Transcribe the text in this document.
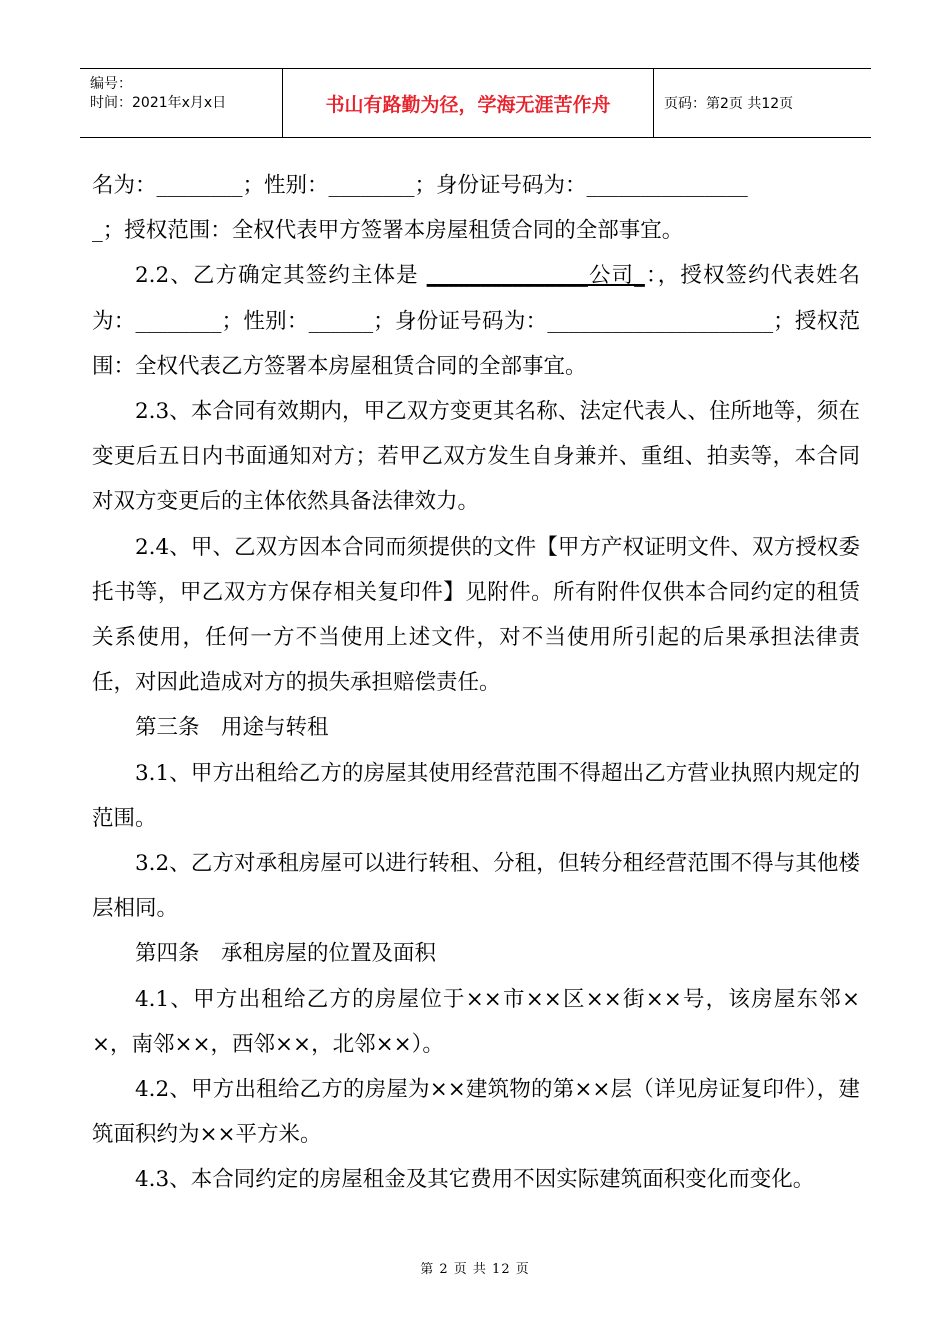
编号：
时间：2021年x月x日	书山有路勤为径，学海无涯苦作舟	页码：第2页 共12页

名为：________；性别：________；身份证号码为：_______________
_；授权范围：全权代表甲方签署本房屋租赁合同的全部事宜。

2.2、乙方确定其签约主体是 _______________公司_：，授权签约代表姓名为：________；性别：______；身份证号码为：_____________________；授权范围：全权代表乙方签署本房屋租赁合同的全部事宜。

2.3、本合同有效期内，甲乙双方变更其名称、法定代表人、住所地等，须在变更后五日内书面通知对方；若甲乙双方发生自身兼并、重组、拍卖等，本合同对双方变更后的主体依然具备法律效力。

2.4、甲、乙双方因本合同而须提供的文件【甲方产权证明文件、双方授权委托书等，甲乙双方方保存相关复印件】见附件。所有附件仅供本合同约定的租赁关系使用，任何一方不当使用上述文件，对不当使用所引起的后果承担法律责任，对因此造成对方的损失承担赔偿责任。

第三条　用途与转租

3.1、甲方出租给乙方的房屋其使用经营范围不得超出乙方营业执照内规定的范围。

3.2、乙方对承租房屋可以进行转租、分租，但转分租经营范围不得与其他楼层相同。

第四条　承租房屋的位置及面积

4.1、甲方出租给乙方的房屋位于××市××区××街××号，该房屋东邻××，南邻××，西邻××，北邻××）。

4.2、甲方出租给乙方的房屋为××建筑物的第××层（详见房证复印件），建筑面积约为××平方米。

4.3、本合同约定的房屋租金及其它费用不因实际建筑面积变化而变化。

第 2 页 共 12 页
